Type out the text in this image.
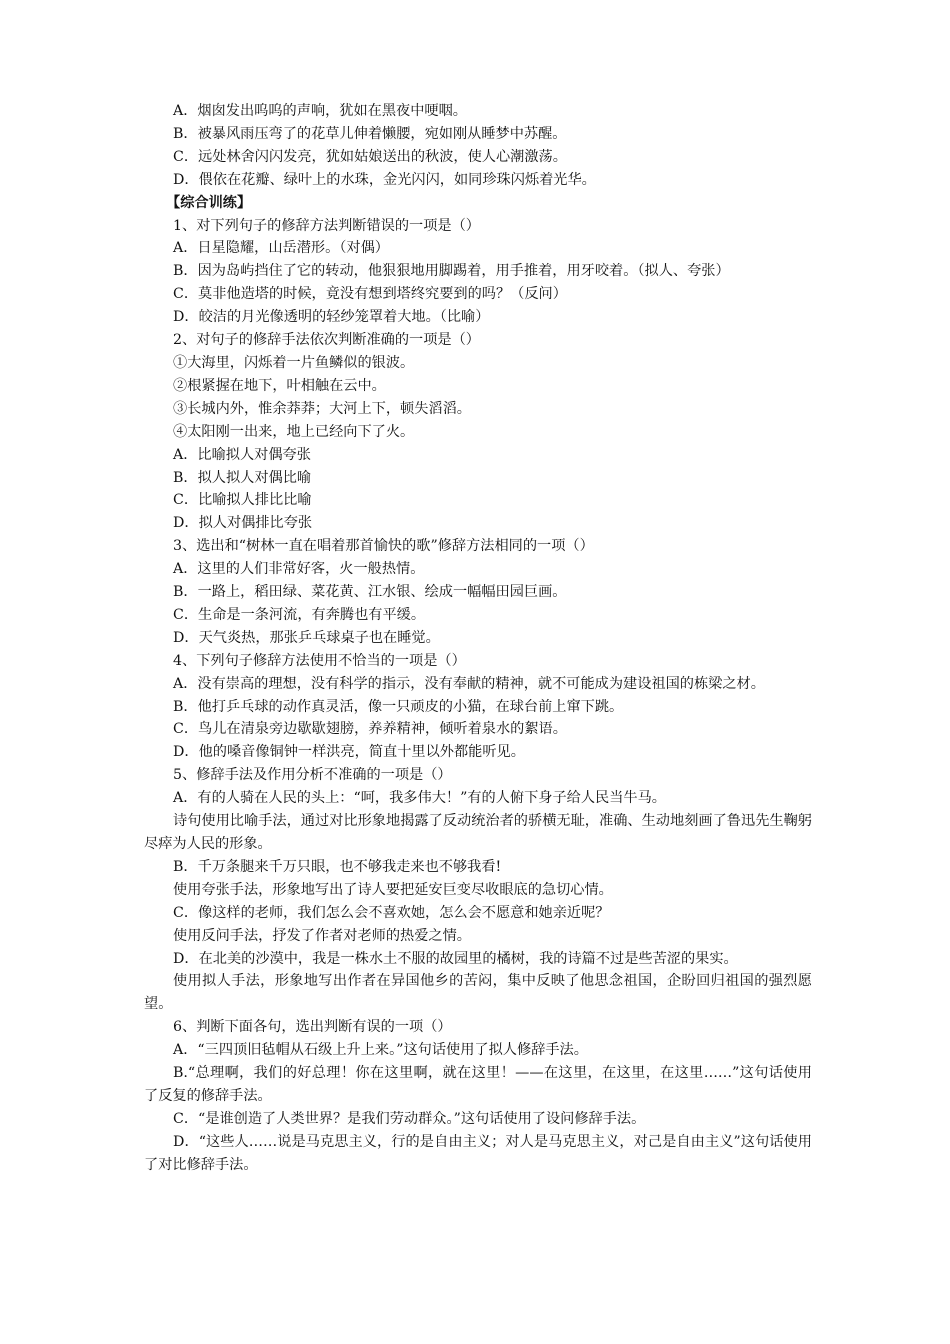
A．烟囱发出呜呜的声响，犹如在黑夜中哽咽。

B．被暴风雨压弯了的花草儿伸着懒腰，宛如刚从睡梦中苏醒。

C．远处林舍闪闪发亮，犹如姑娘送出的秋波，使人心潮激荡。

D．偎依在花瓣、绿叶上的水珠，金光闪闪，如同珍珠闪烁着光华。

【综合训练】

1、对下列句子的修辞方法判断错误的一项是（）

A．日星隐耀，山岳潜形。（对偶）

B．因为岛屿挡住了它的转动，他狠狠地用脚踢着，用手推着，用牙咬着。（拟人、夸张）

C．莫非他造塔的时候，竟没有想到塔终究要到的吗？（反问）

D．皎洁的月光像透明的轻纱笼罩着大地。（比喻）

2、对句子的修辞手法依次判断准确的一项是（）

①大海里，闪烁着一片鱼鳞似的银波。

②根紧握在地下，叶相触在云中。

③长城内外，惟余莽莽；大河上下，顿失滔滔。

④太阳刚一出来，地上已经向下了火。

A．比喻拟人对偶夸张

B．拟人拟人对偶比喻

C．比喻拟人排比比喻

D．拟人对偶排比夸张

3、选出和“树林一直在唱着那首愉快的歌”修辞方法相同的一项（）

A．这里的人们非常好客，火一般热情。

B．一路上，稻田绿、菜花黄、江水银、绘成一幅幅田园巨画。

C．生命是一条河流，有奔腾也有平缓。

D．天气炎热，那张乒乓球桌子也在睡觉。

4、下列句子修辞方法使用不恰当的一项是（）

A．没有崇高的理想，没有科学的指示，没有奉献的精神，就不可能成为建设祖国的栋梁之材。

B．他打乒乓球的动作真灵活，像一只顽皮的小猫，在球台前上窜下跳。

C．鸟儿在清泉旁边歇歇翅膀，养养精神，倾听着泉水的絮语。

D．他的嗓音像铜钟一样洪亮，简直十里以外都能听见。

5、修辞手法及作用分析不准确的一项是（）

A．有的人骑在人民的头上：“呵，我多伟大！”有的人俯下身子给人民当牛马。

诗句使用比喻手法，通过对比形象地揭露了反动统治者的骄横无耻，准确、生动地刻画了鲁迅先生鞠躬尽瘁为人民的形象。

B．千万条腿来千万只眼，也不够我走来也不够我看!

使用夸张手法，形象地写出了诗人要把延安巨变尽收眼底的急切心情。

C．像这样的老师，我们怎么会不喜欢她，怎么会不愿意和她亲近呢？

使用反问手法，抒发了作者对老师的热爱之情。

D．在北美的沙漠中，我是一株水土不服的故园里的橘树，我的诗篇不过是些苦涩的果实。

使用拟人手法，形象地写出作者在异国他乡的苦闷，集中反映了他思念祖国，企盼回归祖国的强烈愿望。

6、判断下面各句，选出判断有误的一项（）

A．“三四顶旧毡帽从石级上升上来。”这句话使用了拟人修辞手法。

B.“总理啊，我们的好总理！你在这里啊，就在这里！——在这里，在这里，在这里……”这句话使用了反复的修辞手法。

C．“是谁创造了人类世界？是我们劳动群众。”这句话使用了设问修辞手法。

D．“这些人……说是马克思主义，行的是自由主义；对人是马克思主义，对己是自由主义”这句话使用了对比修辞手法。
